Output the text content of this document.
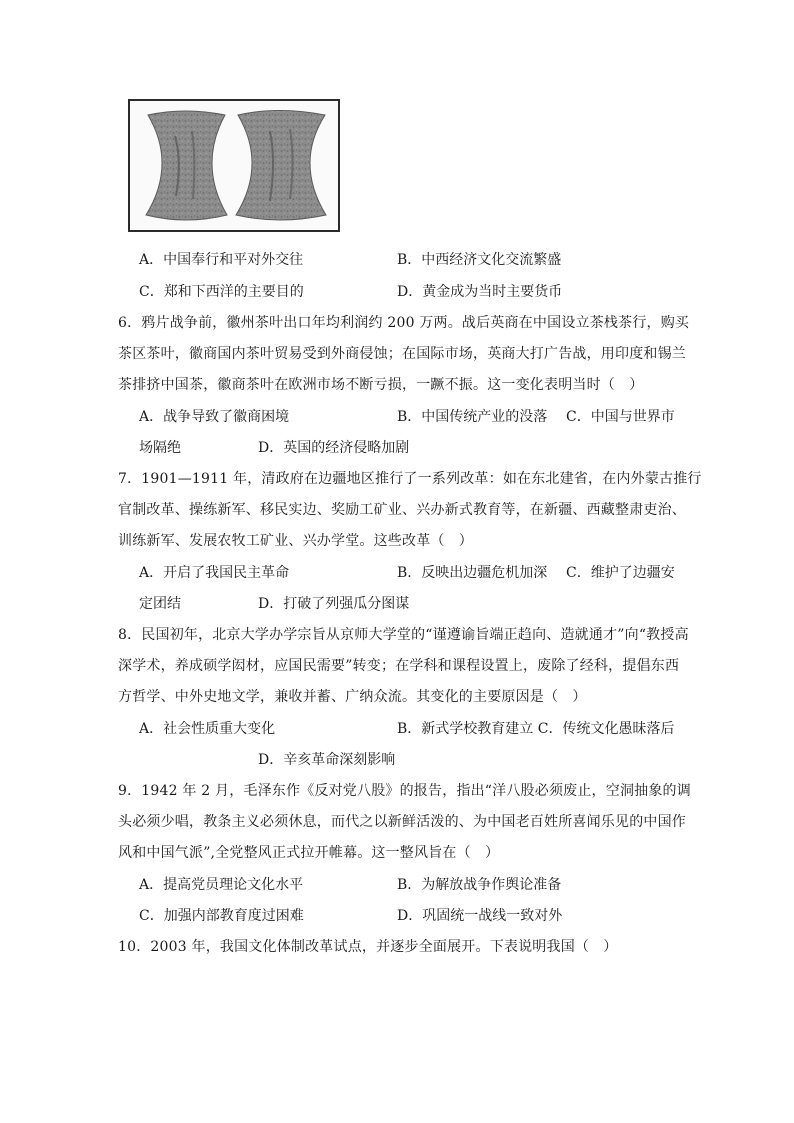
A．中国奉行和平对外交往	B．中西经济文化交流繁盛
C．郑和下西洋的主要目的	D．黄金成为当时主要货币
6．鸦片战争前，徽州茶叶出口年均利润约 200 万两。战后英商在中国设立茶栈茶行，购买
茶区茶叶，徽商国内茶叶贸易受到外商侵蚀；在国际市场，英商大打广告战，用印度和锡兰
茶排挤中国茶，徽商茶叶在欧洲市场不断亏损，一蹶不振。这一变化表明当时（　）
A．战争导致了徽商困境	B．中国传统产业的没落 C．中国与世界市
场隔绝	D．英国的经济侵略加剧
7．1901—1911 年，清政府在边疆地区推行了一系列改革：如在东北建省，在内外蒙古推行
官制改革、操练新军、移民实边、奖励工矿业、兴办新式教育等，在新疆、西藏整肃吏治、
训练新军、发展农牧工矿业、兴办学堂。这些改革（　）
A．开启了我国民主革命	B．反映出边疆危机加深 C．维护了边疆安
定团结	D．打破了列强瓜分图谋
8．民国初年，北京大学办学宗旨从京师大学堂的“谨遵谕旨端正趋向、造就通才”向“教授高
深学术，养成硕学闳材，应国民需要”转变；在学科和课程设置上，废除了经科，提倡东西
方哲学、中外史地文学，兼收并蓄、广纳众流。其变化的主要原因是（　）
A．社会性质重大变化	B．新式学校教育建立 C．传统文化愚昧落后
D．辛亥革命深刻影响
9．1942 年 2 月，毛泽东作《反对党八股》的报告，指出“洋八股必须废止，空洞抽象的调
头必须少唱，教条主义必须休息，而代之以新鲜活泼的、为中国老百姓所喜闻乐见的中国作
风和中国气派”,全党整风正式拉开帷幕。这一整风旨在（　）
A．提高党员理论文化水平	B．为解放战争作舆论准备
C．加强内部教育度过困难	D．巩固统一战线一致对外
10．2003 年，我国文化体制改革试点，并逐步全面展开。下表说明我国（　）
